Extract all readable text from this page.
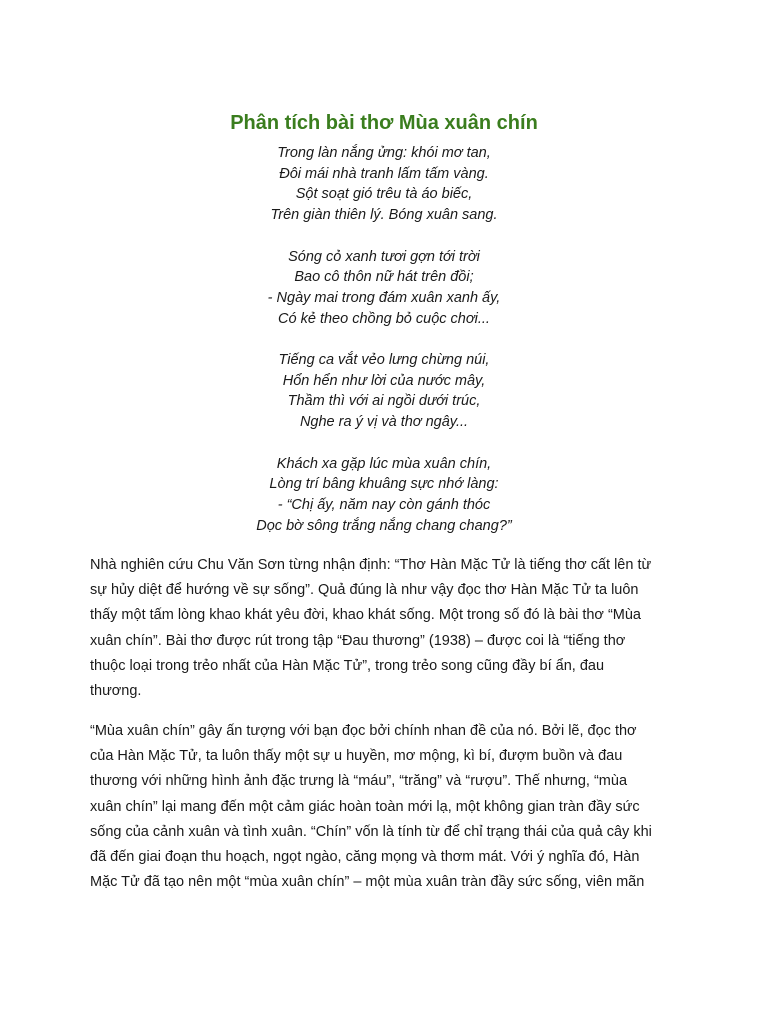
Phân tích bài thơ Mùa xuân chín
Trong làn nắng ửng: khói mơ tan,
Đôi mái nhà tranh lấm tấm vàng.
Sột soạt gió trêu tà áo biếc,
Trên giàn thiên lý. Bóng xuân sang.
Sóng cỏ xanh tươi gợn tới trời
Bao cô thôn nữ hát trên đồi;
- Ngày mai trong đám xuân xanh ấy,
Có kẻ theo chồng bỏ cuộc chơi...
Tiếng ca vắt vẻo lưng chừng núi,
Hổn hển như lời của nước mây,
Thầm thì với ai ngồi dưới trúc,
Nghe ra ý vị và thơ ngây...
Khách xa gặp lúc mùa xuân chín,
Lòng trí bâng khuâng sực nhớ làng:
- “Chị ấy, năm nay còn gánh thóc
Dọc bờ sông trắng nắng chang chang?”
Nhà nghiên cứu Chu Văn Sơn từng nhận định: “Thơ Hàn Mặc Tử là tiếng thơ cất lên từ
sự hủy diệt để hướng về sự sống”. Quả đúng là như vậy đọc thơ Hàn Mặc Tử ta luôn
thấy một tấm lòng khao khát yêu đời, khao khát sống. Một trong số đó là bài thơ “Mùa
xuân chín”. Bài thơ được rút trong tập “Đau thương” (1938) – được coi là “tiếng thơ
thuộc loại trong trẻo nhất của Hàn Mặc Tử”, trong trẻo song cũng đầy bí ẩn, đau
thương.
“Mùa xuân chín” gây ấn tượng với bạn đọc bởi chính nhan đề của nó. Bởi lẽ, đọc thơ
của Hàn Mặc Tử, ta luôn thấy một sự u huyền, mơ mộng, kì bí, đượm buồn và đau
thương với những hình ảnh đặc trưng là “máu”, “trăng” và “rượu”. Thế nhưng, “mùa
xuân chín” lại mang đến một cảm giác hoàn toàn mới lạ, một không gian tràn đầy sức
sống của cảnh xuân và tình xuân. “Chín” vốn là tính từ để chỉ trạng thái của quả cây khi
đã đến giai đoạn thu hoạch, ngọt ngào, căng mọng và thơm mát. Với ý nghĩa đó, Hàn
Mặc Tử đã tạo nên một “mùa xuân chín” – một mùa xuân tràn đầy sức sống, viên mãn
